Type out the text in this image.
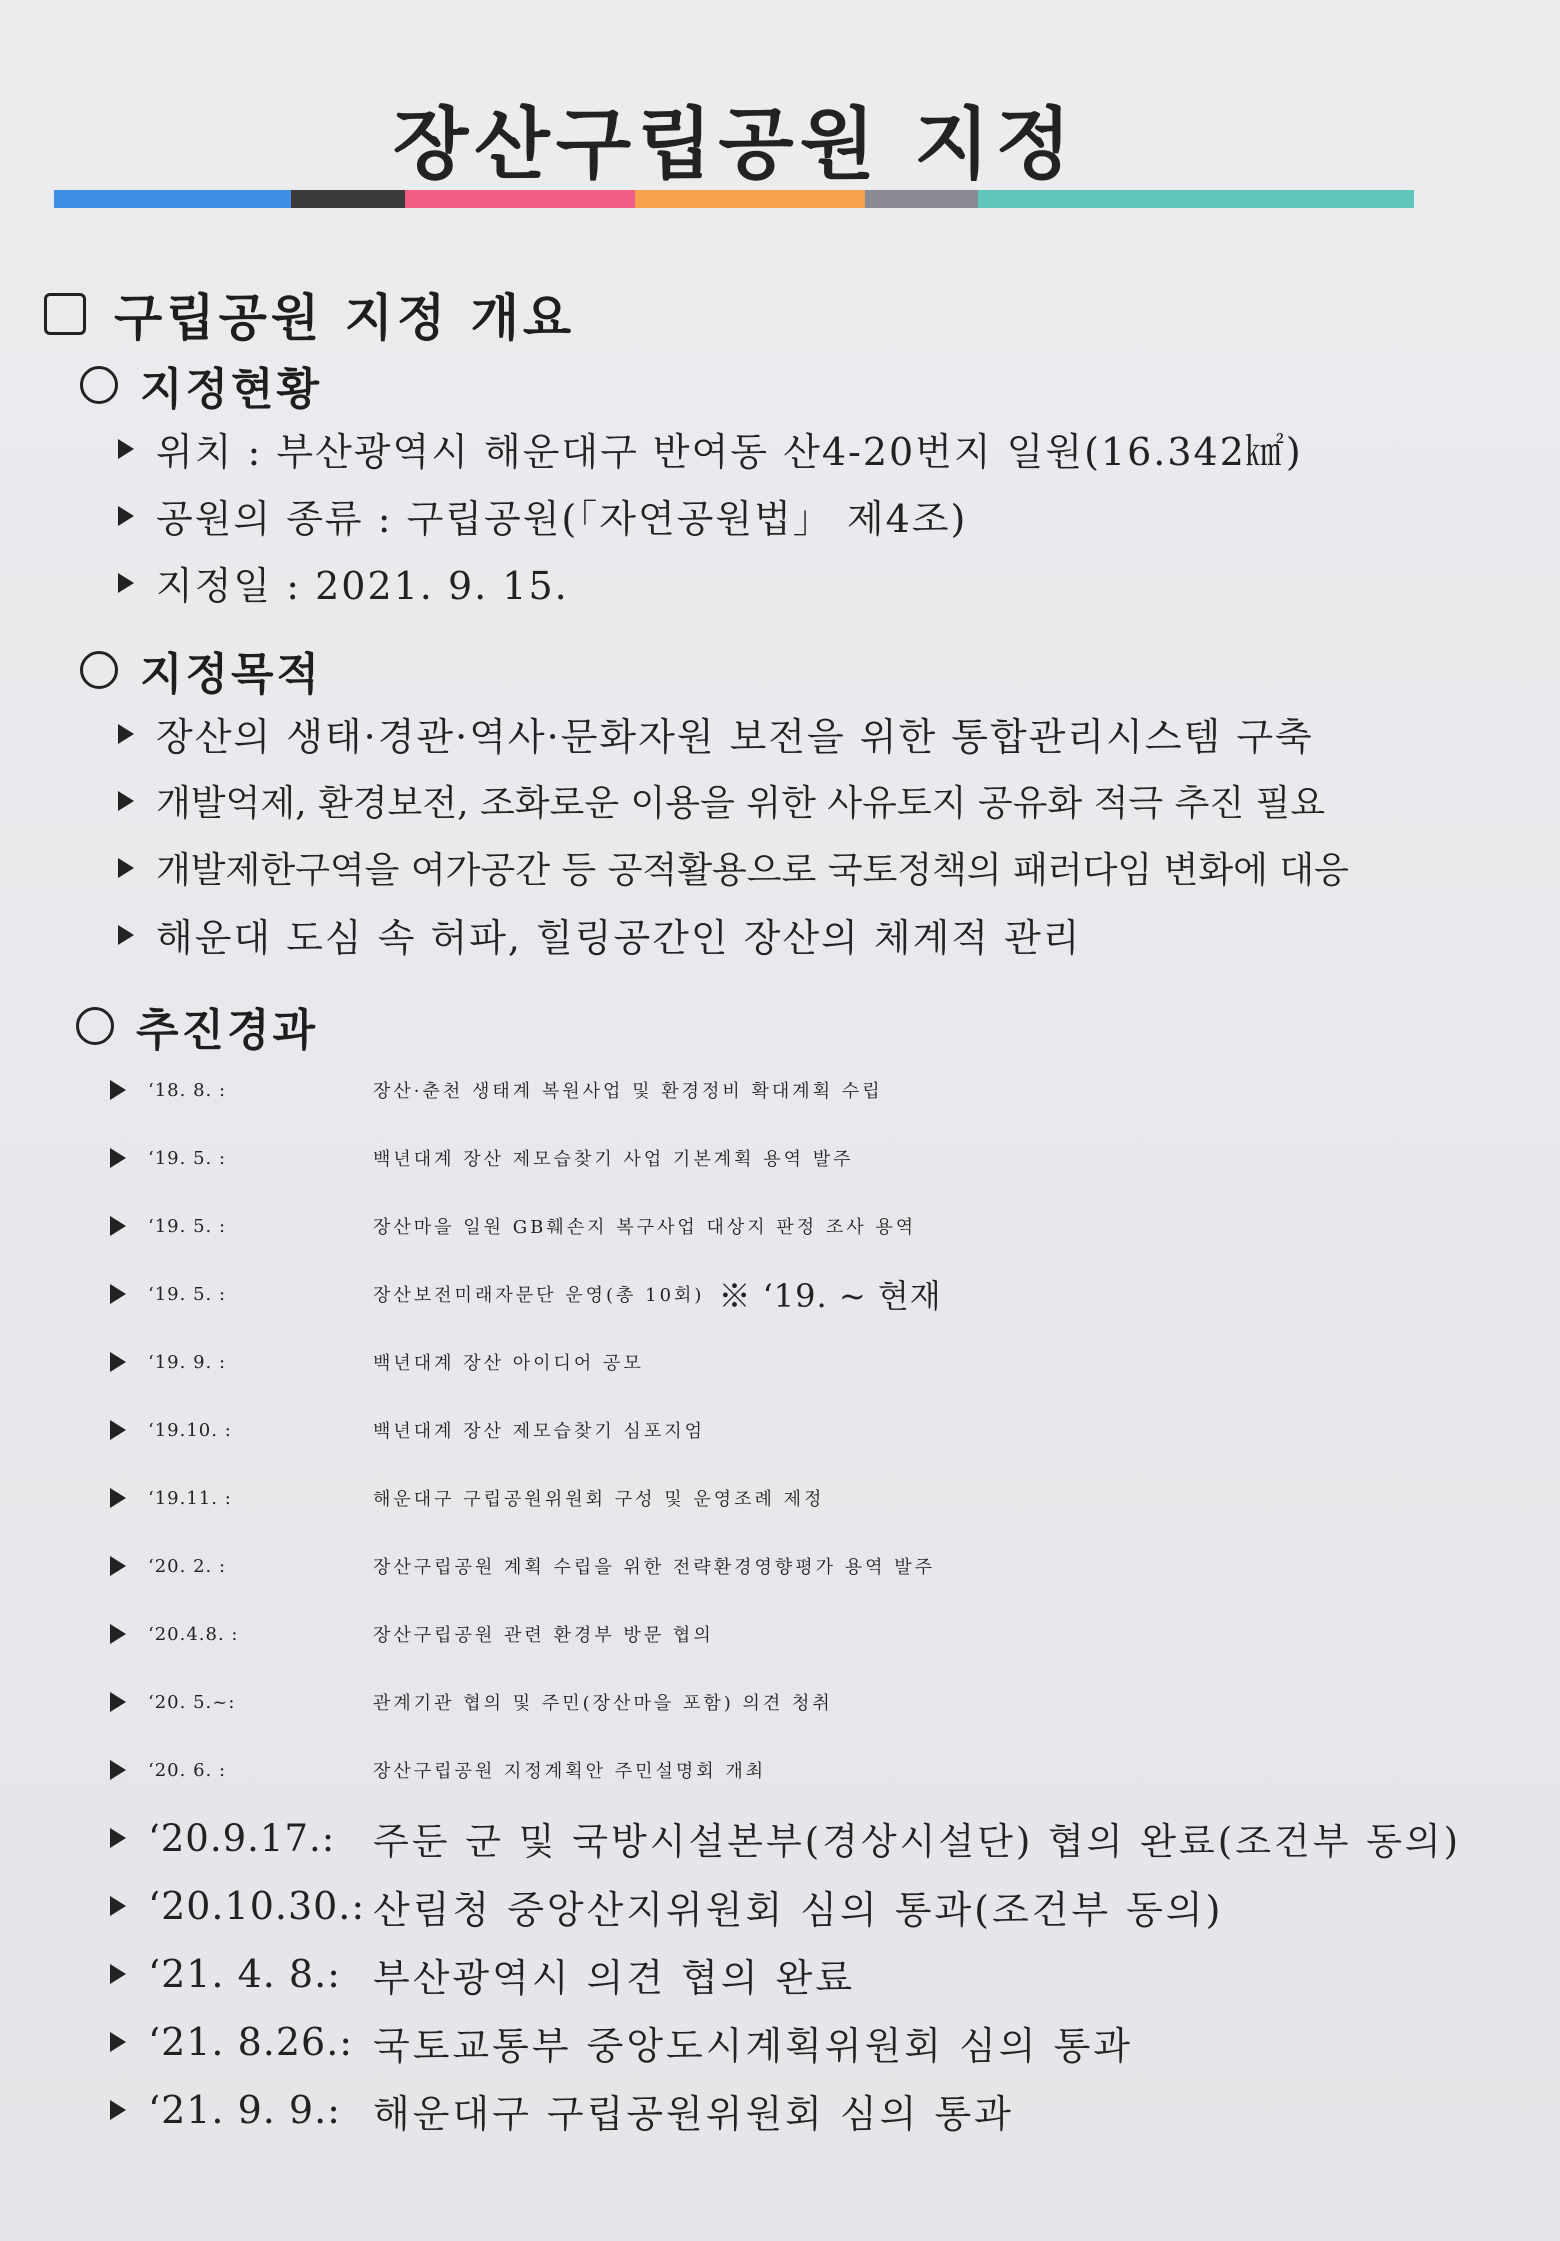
장산구립공원 지정
구립공원 지정 개요
지정현황
위치 : 부산광역시 해운대구 반여동 산4-20번지 일원(16.342㎢)
공원의 종류 : 구립공원(「자연공원법」 제4조)
지정일 : 2021. 9. 15.
지정목적
장산의 생태·경관·역사·문화자원 보전을 위한 통합관리시스템 구축
개발억제, 환경보전, 조화로운 이용을 위한 사유토지 공유화 적극 추진 필요
개발제한구역을 여가공간 등 공적활용으로 국토정책의 패러다임 변화에 대응
해운대 도심 속 허파, 힐링공간인 장산의 체계적 관리
추진경과
‘18. 8. :	장산·춘천 생태계 복원사업 및 환경정비 확대계획 수립
‘19. 5. :	백년대계 장산 제모습찾기 사업 기본계획 용역 발주
‘19. 5. :	장산마을 일원 GB훼손지 복구사업 대상지 판정 조사 용역
‘19. 5. :	장산보전미래자문단 운영(총 10회) ※ ‘19. ~ 현재
‘19. 9. :	백년대계 장산 아이디어 공모
‘19.10. :	백년대계 장산 제모습찾기 심포지엄
‘19.11. :	해운대구 구립공원위원회 구성 및 운영조례 제정
‘20. 2. :	장산구립공원 계획 수립을 위한 전략환경영향평가 용역 발주
‘20.4.8. :	장산구립공원 관련 환경부 방문 협의
‘20. 5.~:	관계기관 협의 및 주민(장산마을 포함) 의견 청취
‘20. 6. :	장산구립공원 지정계획안 주민설명회 개최
‘20.9.17.:	주둔 군 및 국방시설본부(경상시설단) 협의 완료(조건부 동의)
‘20.10.30.: 산림청 중앙산지위원회 심의 통과(조건부 동의)
‘21. 4. 8.: 부산광역시 의견 협의 완료
‘21. 8.26.: 국토교통부 중앙도시계획위원회 심의 통과
‘21. 9. 9.: 해운대구 구립공원위원회 심의 통과
